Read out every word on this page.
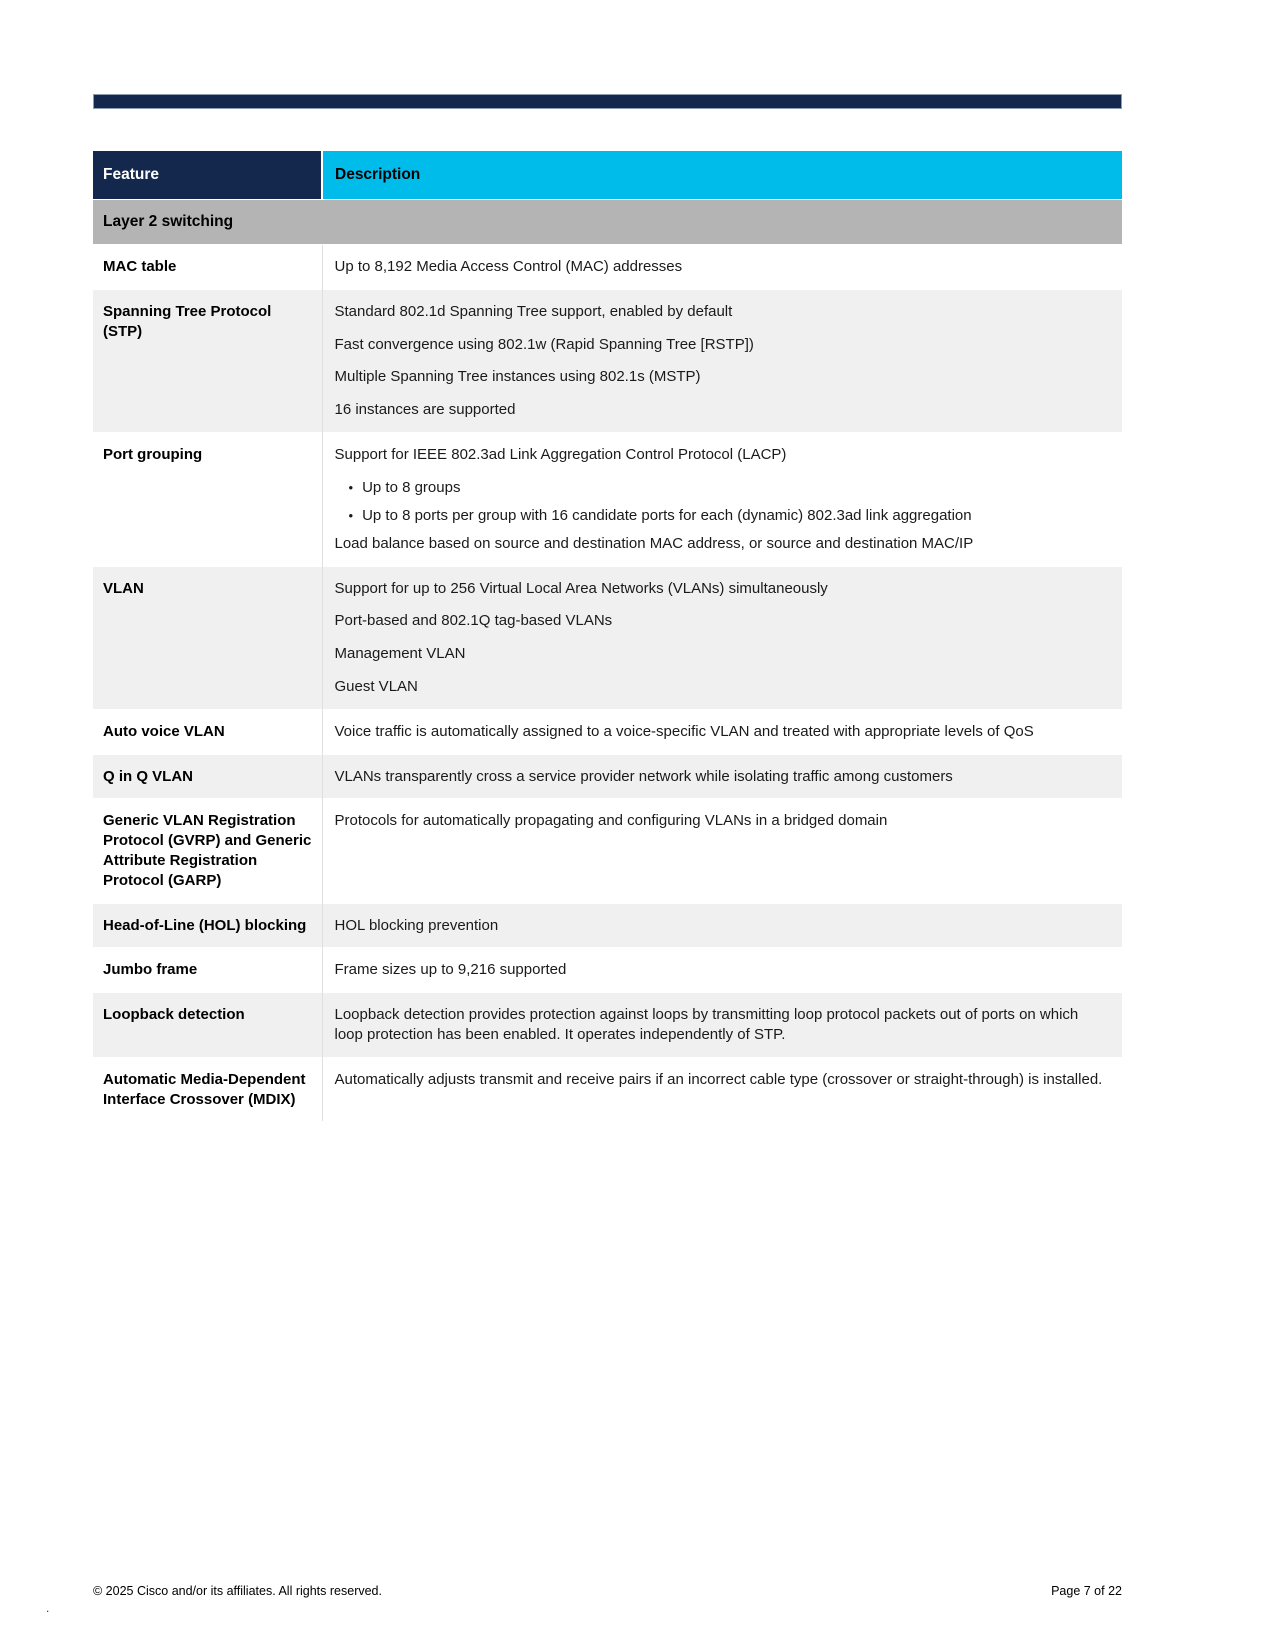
Feature	Description
Layer 2 switching	
MAC table	Up to 8,192 Media Access Control (MAC) addresses

Spanning Tree Protocol (STP)	Standard 802.1d Spanning Tree support, enabled by default

Fast convergence using 802.1w (Rapid Spanning Tree [RSTP])

Multiple Spanning Tree instances using 802.1s (MSTP)

16 instances are supported

Port grouping	Support for IEEE 802.3ad Link Aggregation Control Protocol (LACP)

• Up to 8 groups
• Up to 8 ports per group with 16 candidate ports for each (dynamic) 802.3ad link aggregation

Load balance based on source and destination MAC address, or source and destination MAC/IP

VLAN	Support for up to 256 Virtual Local Area Networks (VLANs) simultaneously

Port-based and 802.1Q tag-based VLANs

Management VLAN

Guest VLAN

Auto voice VLAN	Voice traffic is automatically assigned to a voice-specific VLAN and treated with appropriate levels of QoS

Q in Q VLAN	VLANs transparently cross a service provider network while isolating traffic among customers

Generic VLAN Registration Protocol (GVRP) and Generic Attribute Registration Protocol (GARP)	Protocols for automatically propagating and configuring VLANs in a bridged domain

Head-of-Line (HOL) blocking	HOL blocking prevention

Jumbo frame	Frame sizes up to 9,216 supported

Loopback detection	Loopback detection provides protection against loops by transmitting loop protocol packets out of ports on which loop protection has been enabled. It operates independently of STP.

Automatic Media-Dependent Interface Crossover (MDIX)	Automatically adjusts transmit and receive pairs if an incorrect cable type (crossover or straight-through) is installed.

© 2025 Cisco and/or its affiliates. All rights reserved.	Page 7 of 22
.
